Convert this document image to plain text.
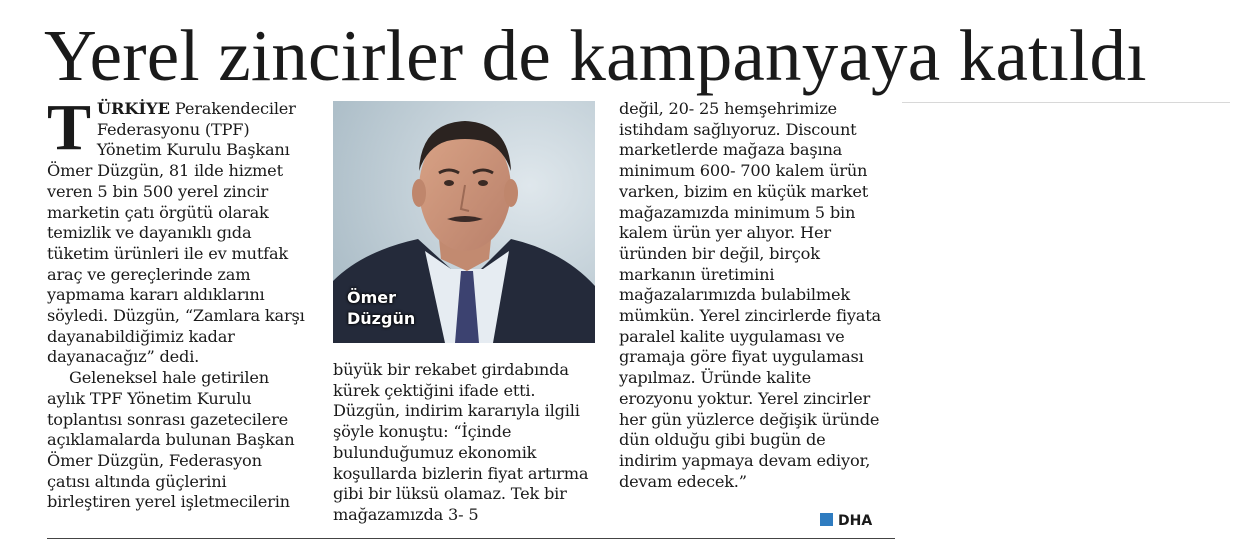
Yerel zincirler de kampanyaya katıldı

TÜRKİYE Perakendeciler Federasyonu (TPF) Yönetim Kurulu Başkanı Ömer Düzgün, 81 ilde hizmet veren 5 bin 500 yerel zincir marketin çatı örgütü olarak temizlik ve dayanıklı gıda tüketim ürünleri ile ev mutfak araç ve gereçlerinde zam yapmama kararı aldıklarını söyledi. Düzgün, “Zamlara karşı dayanabildiğimiz kadar dayanacağız” dedi.

Geleneksel hale getirilen aylık TPF Yönetim Kurulu toplantısı sonrası gazetecilere açıklamalarda bulunan Başkan Ömer Düzgün, Federasyon çatısı altında güçlerini birleştiren yerel işletmecilerin

Ömer
Düzgün

büyük bir rekabet girdabında kürek çektiğini ifade etti. Düzgün, indirim kararıyla ilgili şöyle konuştu: “İçinde bulunduğumuz ekonomik koşullarda bizlerin fiyat artırma gibi bir lüksü olamaz. Tek bir mağazamızda 3- 5

değil, 20- 25 hemşehrimize istihdam sağlıyoruz. Discount marketlerde mağaza başına minimum 600- 700 kalem ürün varken, bizim en küçük market mağazamızda minimum 5 bin kalem ürün yer alıyor. Her üründen bir değil, birçok markanın üretimini mağazalarımızda bulabilmek mümkün. Yerel zincirlerde fiyata paralel kalite uygulaması ve gramaja göre fiyat uygulaması yapılmaz. Üründe kalite erozyonu yoktur. Yerel zincirler her gün yüzlerce değişik üründe dün olduğu gibi bugün de indirim yapmaya devam ediyor, devam edecek.”

DHA
